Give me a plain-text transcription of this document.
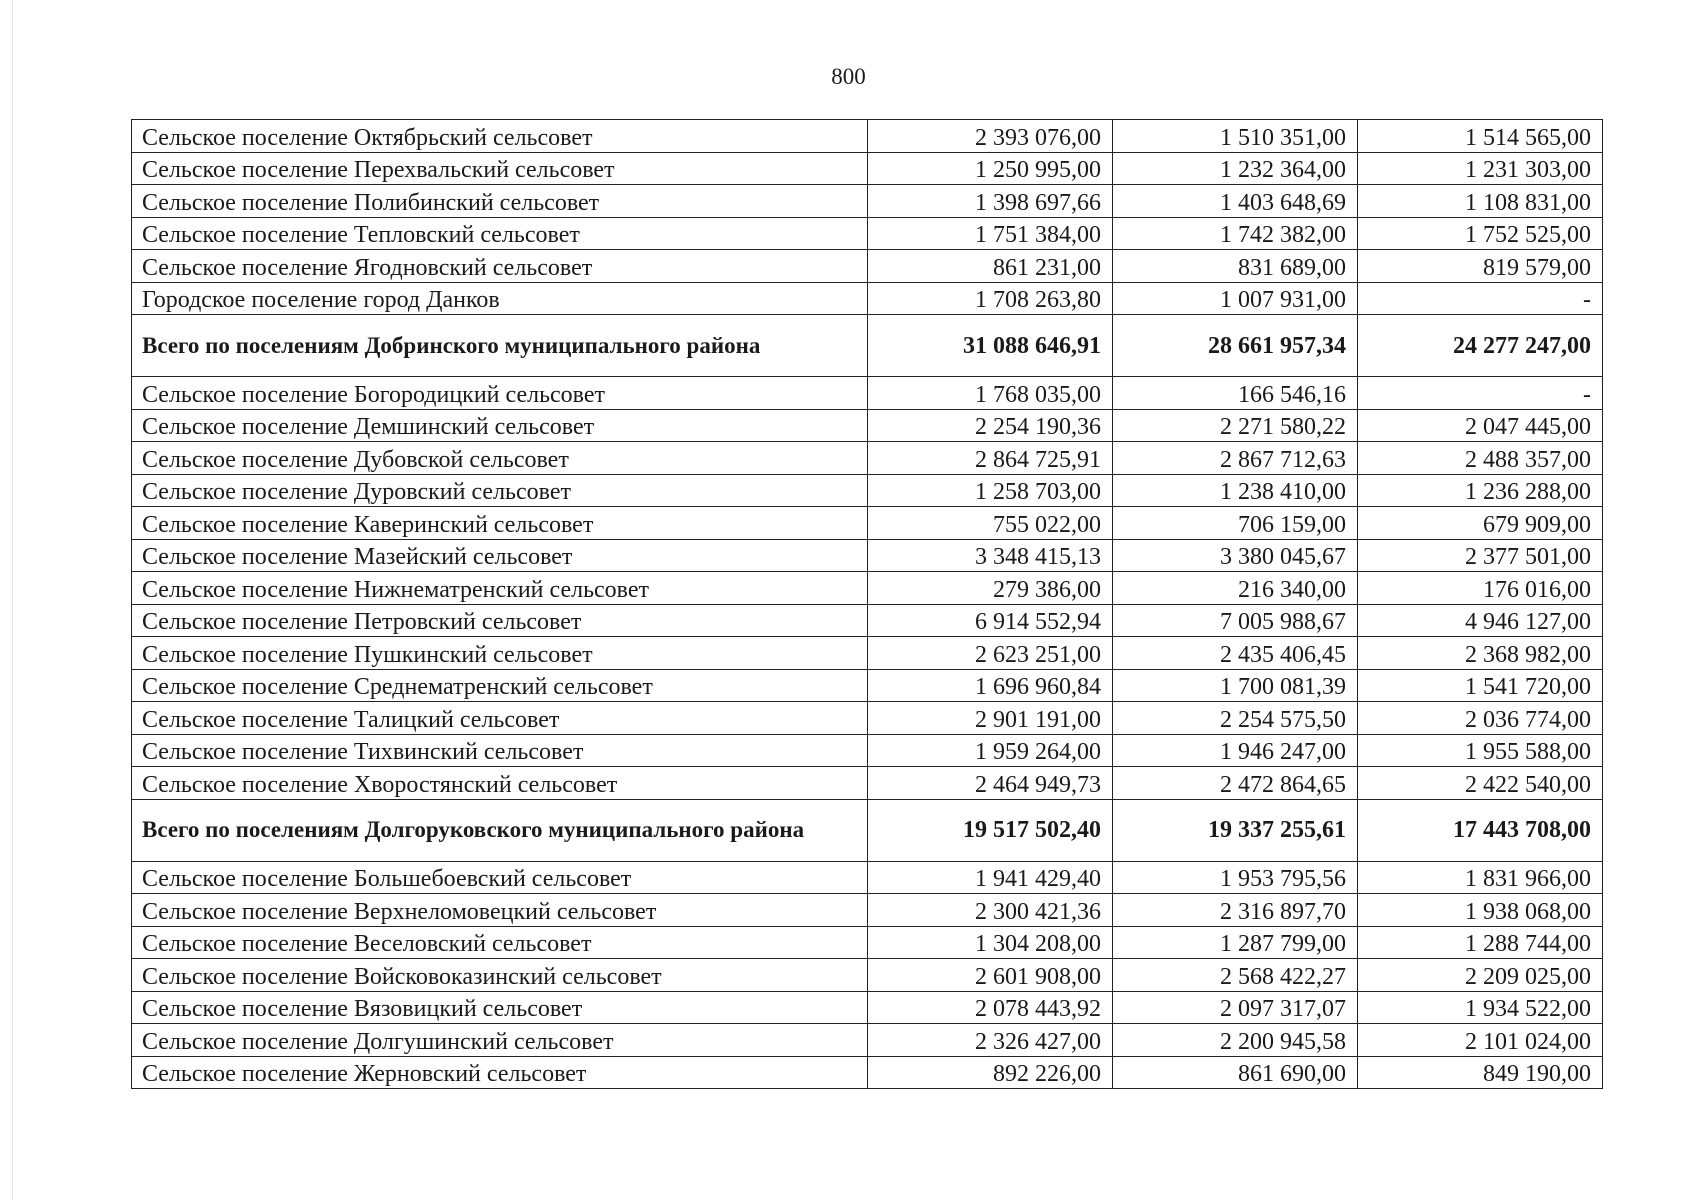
800
Сельское поселение Октябрьский сельсовет	2 393 076,00	1 510 351,00	1 514 565,00
Сельское поселение Перехвальский сельсовет	1 250 995,00	1 232 364,00	1 231 303,00
Сельское поселение Полибинский сельсовет	1 398 697,66	1 403 648,69	1 108 831,00
Сельское поселение Тепловский сельсовет	1 751 384,00	1 742 382,00	1 752 525,00
Сельское поселение Ягодновский сельсовет	861 231,00	831 689,00	819 579,00
Городское поселение город Данков	1 708 263,80	1 007 931,00	-
Всего по поселениям Добринского муниципального района	31 088 646,91	28 661 957,34	24 277 247,00
Сельское поселение Богородицкий сельсовет	1 768 035,00	166 546,16	-
Сельское поселение Демшинский сельсовет	2 254 190,36	2 271 580,22	2 047 445,00
Сельское поселение Дубовской сельсовет	2 864 725,91	2 867 712,63	2 488 357,00
Сельское поселение Дуровский сельсовет	1 258 703,00	1 238 410,00	1 236 288,00
Сельское поселение Каверинский сельсовет	755 022,00	706 159,00	679 909,00
Сельское поселение Мазейский сельсовет	3 348 415,13	3 380 045,67	2 377 501,00
Сельское поселение Нижнематренский сельсовет	279 386,00	216 340,00	176 016,00
Сельское поселение Петровский сельсовет	6 914 552,94	7 005 988,67	4 946 127,00
Сельское поселение Пушкинский сельсовет	2 623 251,00	2 435 406,45	2 368 982,00
Сельское поселение Среднематренский сельсовет	1 696 960,84	1 700 081,39	1 541 720,00
Сельское поселение Талицкий сельсовет	2 901 191,00	2 254 575,50	2 036 774,00
Сельское поселение Тихвинский сельсовет	1 959 264,00	1 946 247,00	1 955 588,00
Сельское поселение Хворостянский сельсовет	2 464 949,73	2 472 864,65	2 422 540,00
Всего по поселениям Долгоруковского муниципального района	19 517 502,40	19 337 255,61	17 443 708,00
Сельское поселение Большебоевский сельсовет	1 941 429,40	1 953 795,56	1 831 966,00
Сельское поселение Верхнеломовецкий сельсовет	2 300 421,36	2 316 897,70	1 938 068,00
Сельское поселение Веселовский сельсовет	1 304 208,00	1 287 799,00	1 288 744,00
Сельское поселение Войсковоказинский сельсовет	2 601 908,00	2 568 422,27	2 209 025,00
Сельское поселение Вязовицкий сельсовет	2 078 443,92	2 097 317,07	1 934 522,00
Сельское поселение Долгушинский сельсовет	2 326 427,00	2 200 945,58	2 101 024,00
Сельское поселение Жерновский сельсовет	892 226,00	861 690,00	849 190,00
